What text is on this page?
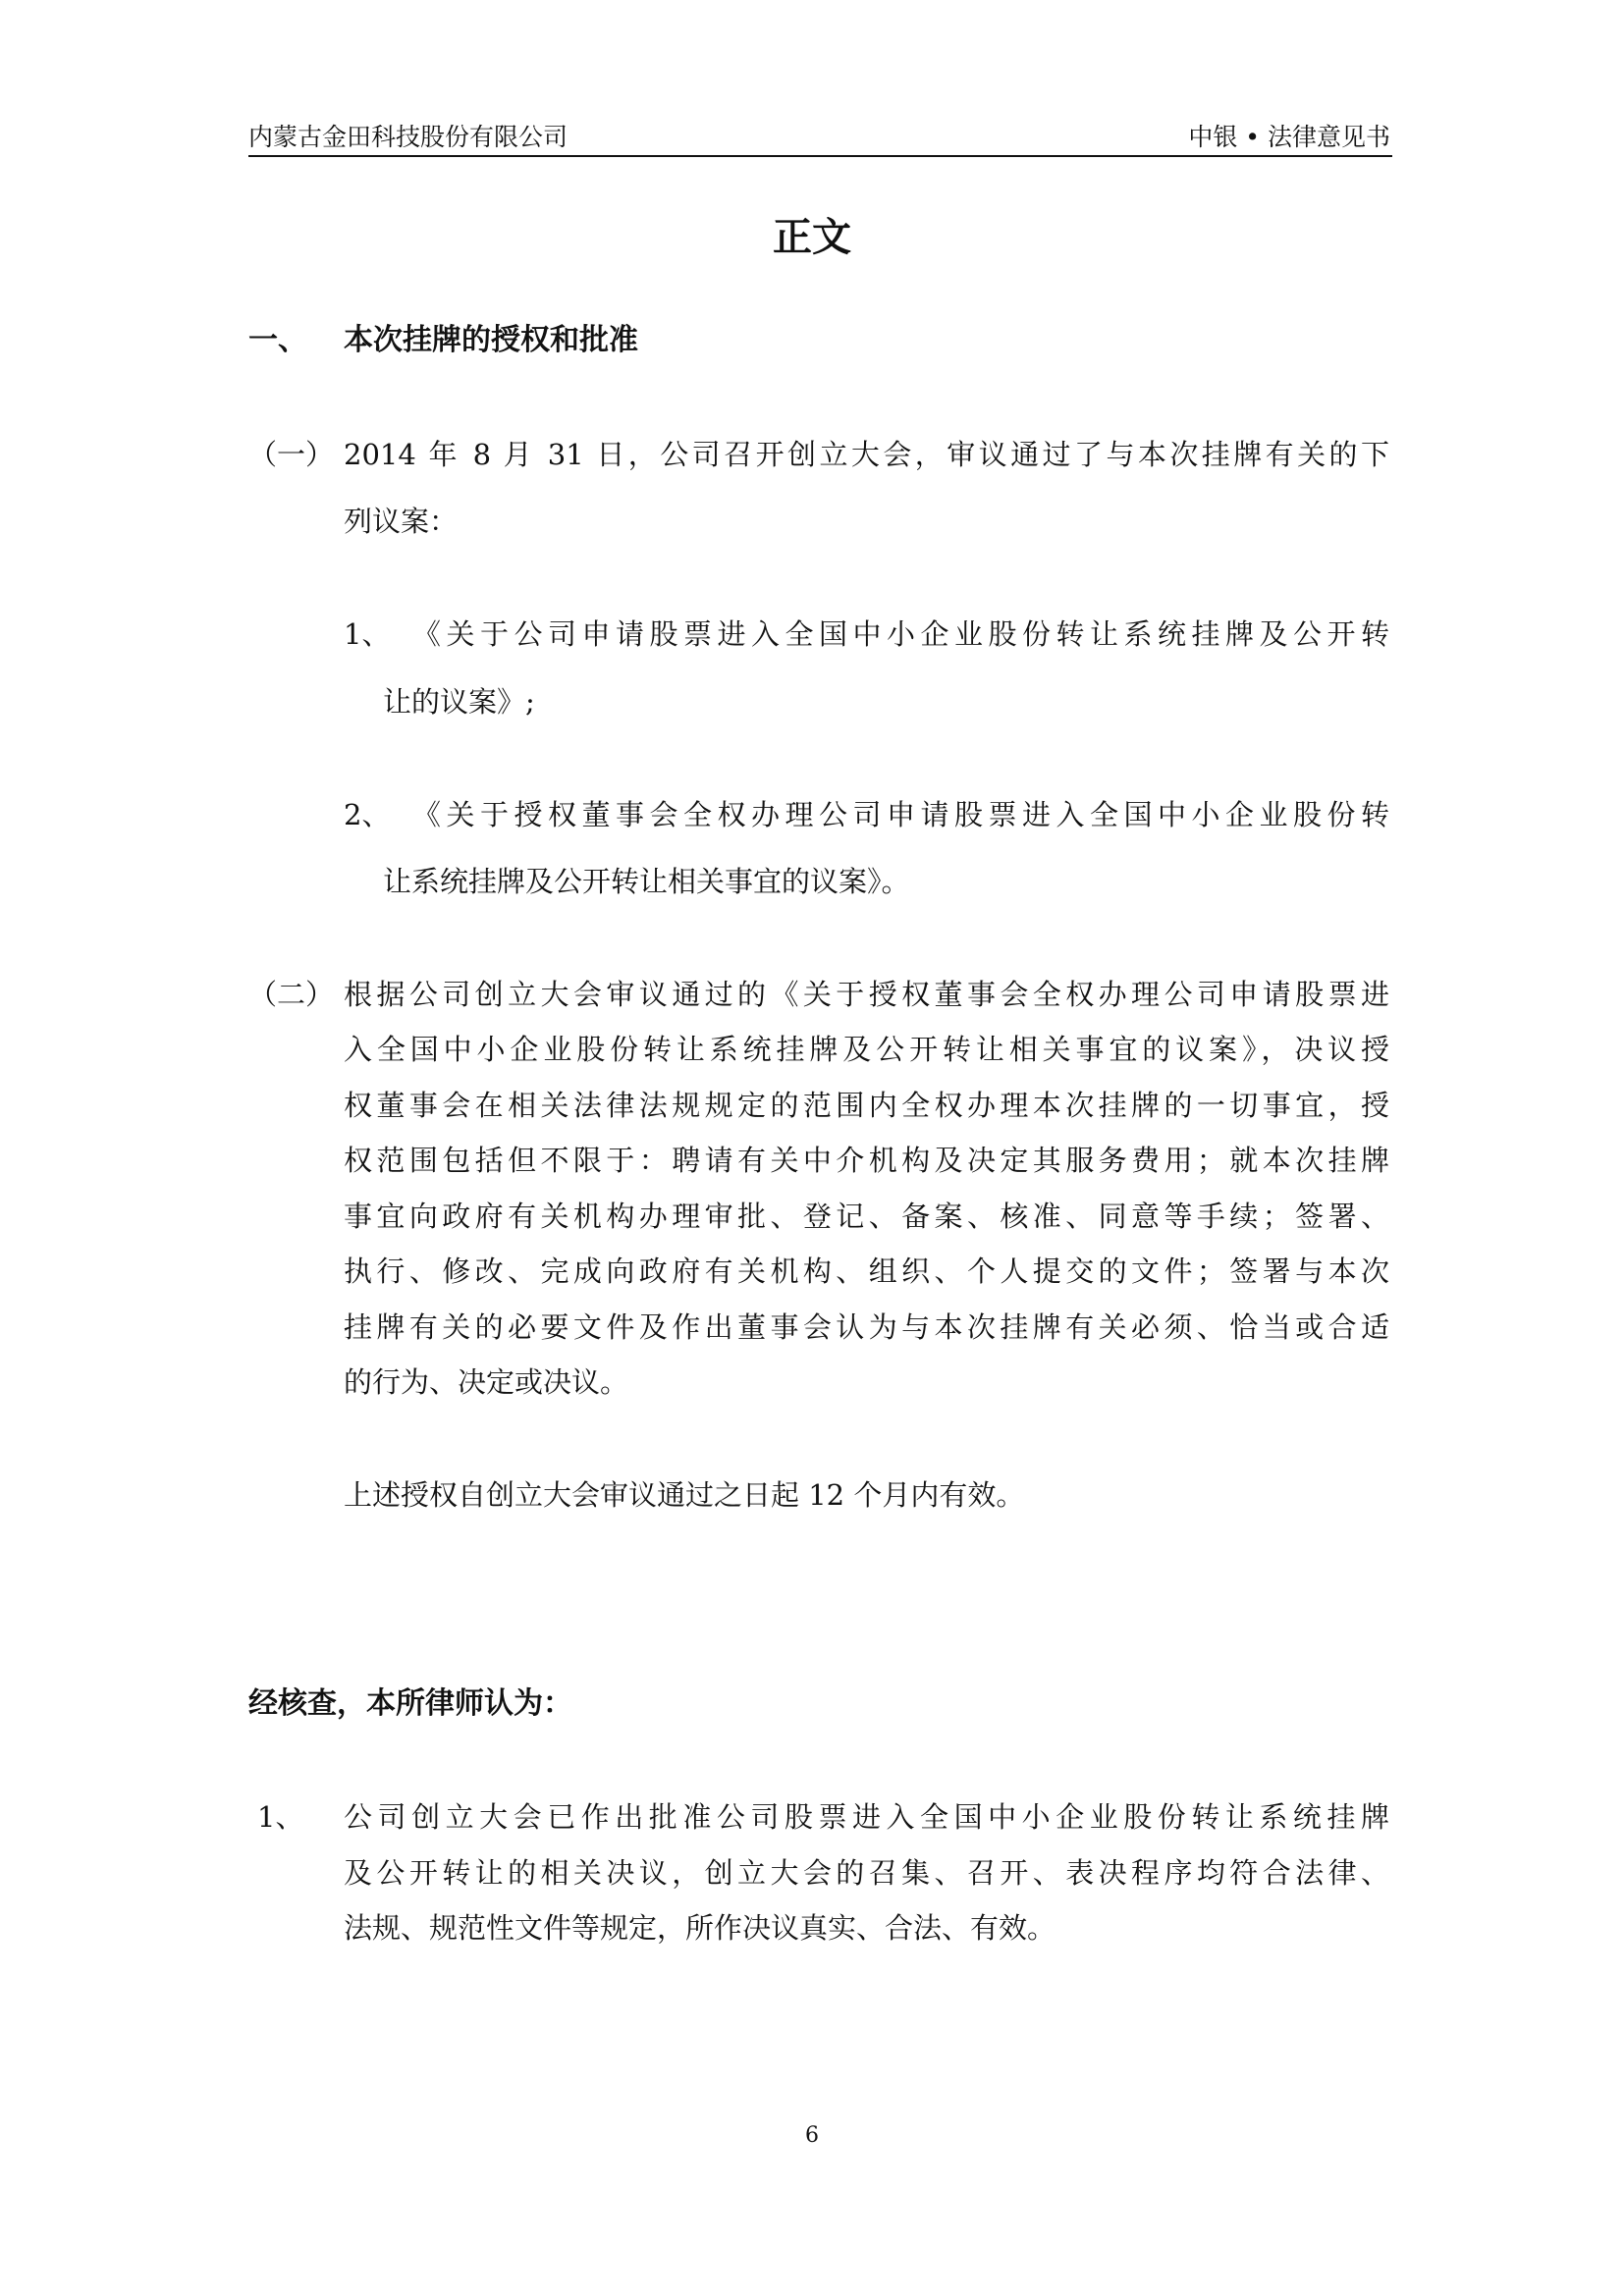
内蒙古金田科技股份有限公司	中银 • 法律意见书
正文
一、 本次挂牌的授权和批准
（一） 2014 年 8 月 31 日，公司召开创立大会，审议通过了与本次挂牌有关的下
列议案：
1、 《关于公司申请股票进入全国中小企业股份转让系统挂牌及公开转
让的议案》;
2、 《关于授权董事会全权办理公司申请股票进入全国中小企业股份转
让系统挂牌及公开转让相关事宜的议案》。
（二） 根据公司创立大会审议通过的《关于授权董事会全权办理公司申请股票进
入全国中小企业股份转让系统挂牌及公开转让相关事宜的议案》，决议授
权董事会在相关法律法规规定的范围内全权办理本次挂牌的一切事宜，授
权范围包括但不限于：聘请有关中介机构及决定其服务费用；就本次挂牌
事宜向政府有关机构办理审批、登记、备案、核准、同意等手续；签署、
执行、修改、完成向政府有关机构、组织、个人提交的文件；签署与本次
挂牌有关的必要文件及作出董事会认为与本次挂牌有关必须、恰当或合适
的行为、决定或决议。
上述授权自创立大会审议通过之日起 12 个月内有效。
经核查，本所律师认为：
1、 公司创立大会已作出批准公司股票进入全国中小企业股份转让系统挂牌
及公开转让的相关决议，创立大会的召集、召开、表决程序均符合法律、
法规、规范性文件等规定，所作决议真实、合法、有效。
6
